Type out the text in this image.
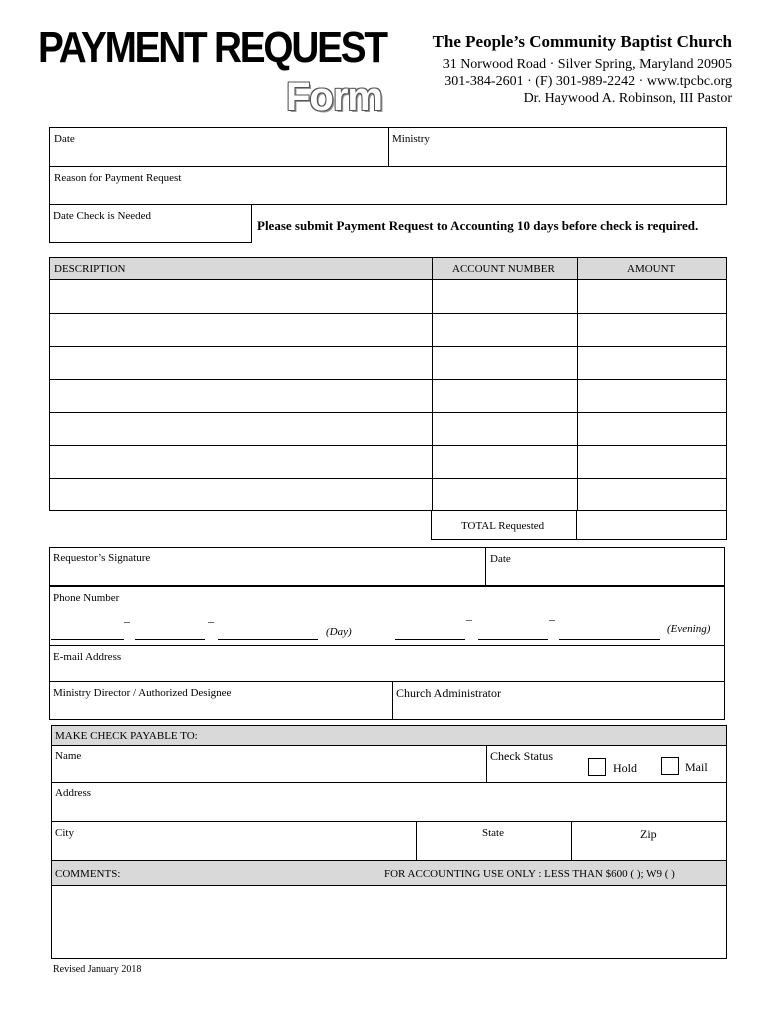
PAYMENT REQUEST
Form
The People’s Community Baptist Church
31 Norwood Road · Silver Spring, Maryland 20905
301-384-2601 · (F) 301-989-2242 · www.tpcbc.org
Dr. Haywood A. Robinson, III Pastor
Date	Ministry
Reason for Payment Request
Date Check is Needed
Please submit Payment Request to Accounting 10 days before check is required.
DESCRIPTION	ACCOUNT NUMBER	AMOUNT
TOTAL Requested
Requestor’s Signature	Date
Phone Number
–	–
(Day)
–	–
(Evening)
E-mail Address
Ministry Director / Authorized Designee	Church Administrator
MAKE CHECK PAYABLE TO:
Name	Check Status
Hold	Mail
Address
City	State	Zip
COMMENTS:	FOR ACCOUNTING USE ONLY : LESS THAN $600 ( ); W9 ( )
Revised January 2018
